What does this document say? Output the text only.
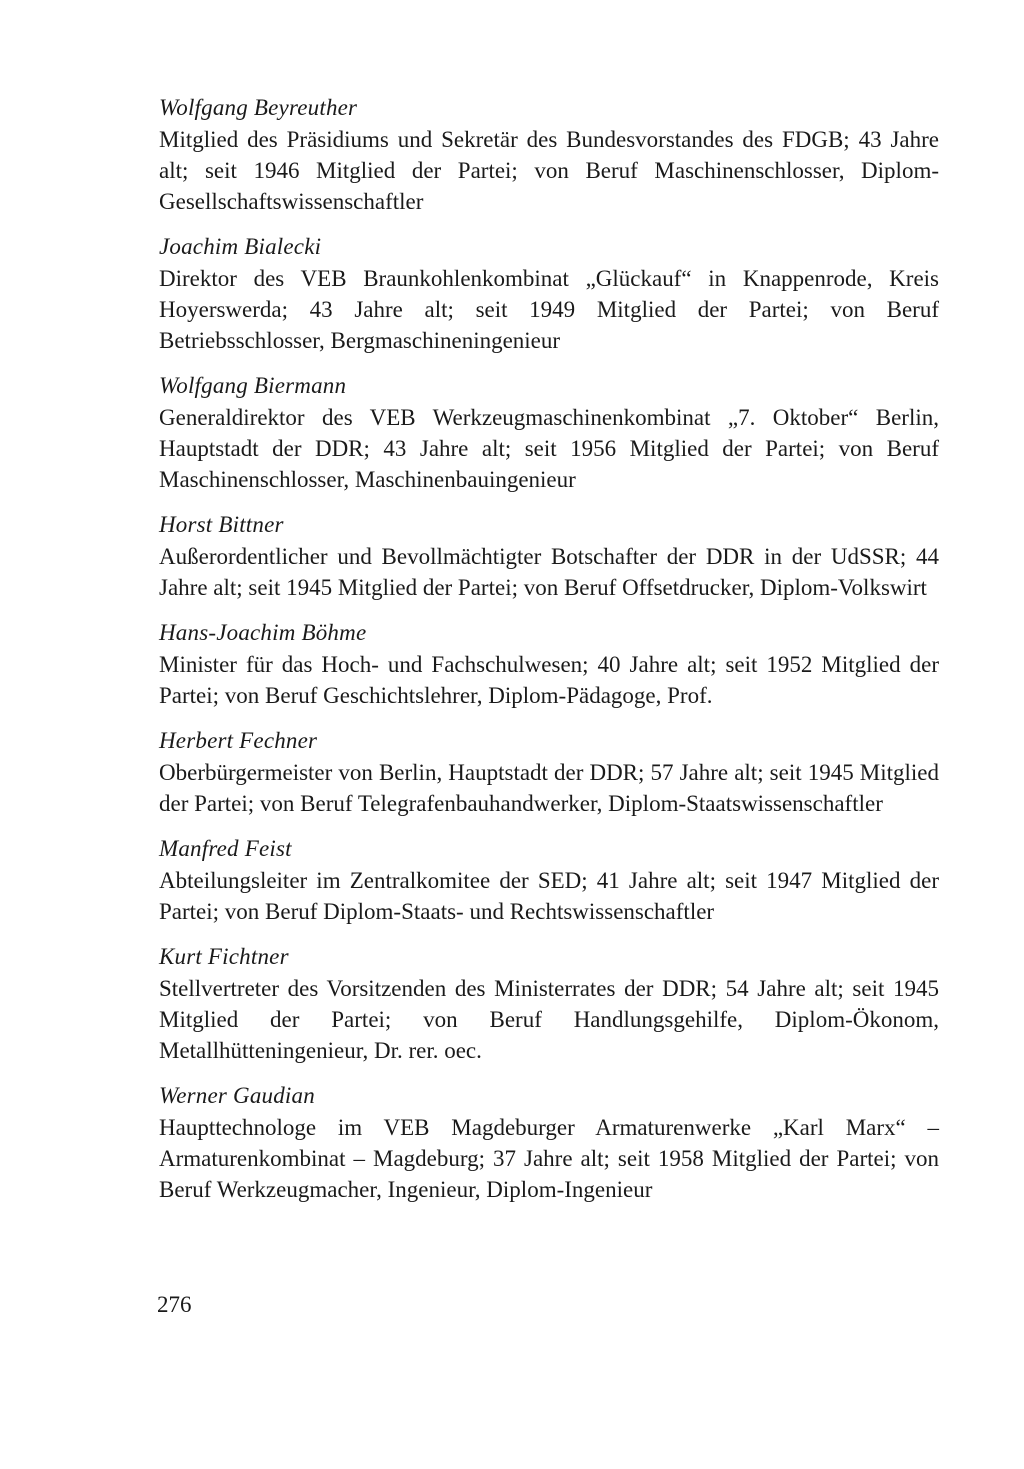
Wolfgang Beyreuther

Mitglied des Präsidiums und Sekretär des Bundesvorstandes des FDGB; 43 Jahre alt; seit 1946 Mitglied der Partei; von Beruf Maschinenschlosser, Diplom-Gesellschaftswissenschaftler

Joachim Bialecki

Direktor des VEB Braunkohlenkombinat „Glückauf“ in Knappenrode, Kreis Hoyerswerda; 43 Jahre alt; seit 1949 Mitglied der Partei; von Beruf Betriebsschlosser, Bergmaschineningenieur

Wolfgang Biermann

Generaldirektor des VEB Werkzeugmaschinenkombinat „7. Oktober“ Berlin, Hauptstadt der DDR; 43 Jahre alt; seit 1956 Mitglied der Partei; von Beruf Maschinenschlosser, Maschinenbauingenieur

Horst Bittner

Außerordentlicher und Bevollmächtigter Botschafter der DDR in der UdSSR; 44 Jahre alt; seit 1945 Mitglied der Partei; von Beruf Offsetdrucker, Diplom-Volkswirt

Hans-Joachim Böhme

Minister für das Hoch- und Fachschulwesen; 40 Jahre alt; seit 1952 Mitglied der Partei; von Beruf Geschichtslehrer, Diplom-Pädagoge, Prof.

Herbert Fechner

Oberbürgermeister von Berlin, Hauptstadt der DDR; 57 Jahre alt; seit 1945 Mitglied der Partei; von Beruf Telegrafenbauhandwerker, Diplom-Staatswissenschaftler

Manfred Feist

Abteilungsleiter im Zentralkomitee der SED; 41 Jahre alt; seit 1947 Mitglied der Partei; von Beruf Diplom-Staats- und Rechtswissenschaftler

Kurt Fichtner

Stellvertreter des Vorsitzenden des Ministerrates der DDR; 54 Jahre alt; seit 1945 Mitglied der Partei; von Beruf Handlungsgehilfe, Diplom-Ökonom, Metallhütteningenieur, Dr. rer. oec.

Werner Gaudian

Haupttechnologe im VEB Magdeburger Armaturenwerke „Karl Marx“ – Armaturenkombinat – Magdeburg; 37 Jahre alt; seit 1958 Mitglied der Partei; von Beruf Werkzeugmacher, Ingenieur, Diplom-Ingenieur

276
